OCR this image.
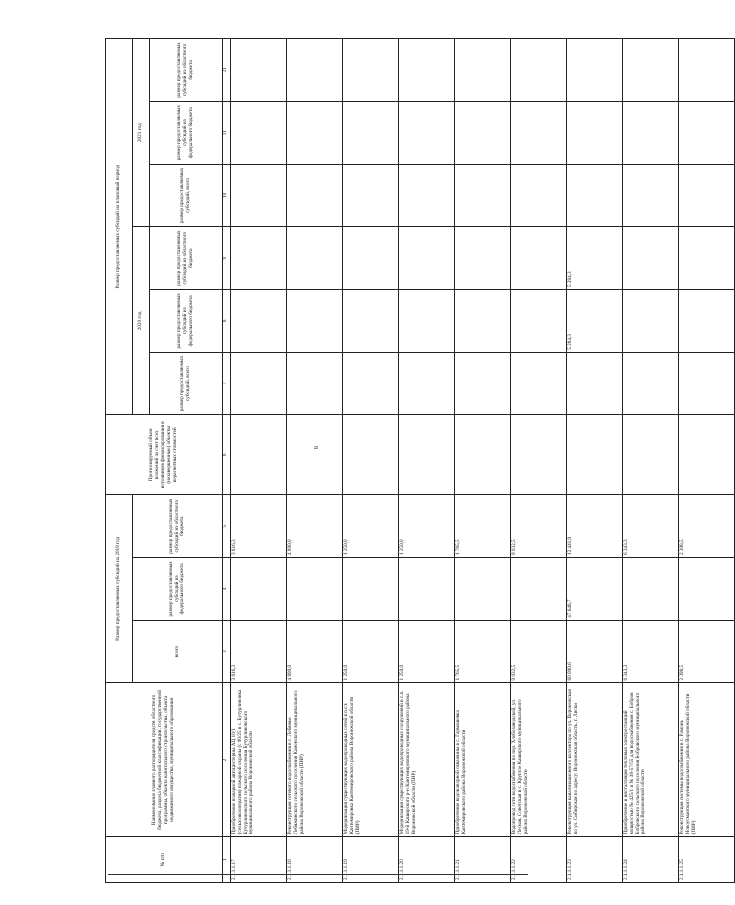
8
№ п/п	Наименование главного распорядителя средств областного бюджета, раздела бюджетной классификации, государственной программы, объекта капитального строительства, объекта недвижимого имущества, муниципального образования	Размер предоставляемых субсидий на 2019 год			Прогнозируемый объем вложений за счет всех источников финансирования в (незавершенные) объекты нерасчетных стоимостей	Размер предоставляемых субсидий на плановый период					
		всего	размер предоставляемых субсидий из федерального бюджета	размер предоставляемых субсидий из областного бюджета		2020 год			2021 год		
						размер предоставляемых субсидий, всего	размер предоставляемых субсидий из федерального бюджета	размер предоставляемых субсидий из областного бюджета	размер предоставляемых субсидий, всего	размер предоставляемых субсидий из федерального бюджета	размер предоставляемых субсидий из областного бюджета
1	2	3	4	5	6	7	8	9	10	11	21
2.1.1.1.17	Приобретение пожарной автоцистерны АЦ 10/1 (сельхозкооператив) пожарной охраны (с 90/25 в с. Бутурлиновка Бутурлиновского сельского поселения Бутурлиновского муниципального района Воронежской области	3 816,3		3 816,3							
2.1.1.1.18	Реконструкция сетевого водоснабжения в с. Лебяжье Лебяжинского сельского поселения Каменского муниципального района Воронежской области (ПИР)	4 890,0		4 890,0							
2.1.1.1.19	Модернизация существующих водопроводных сетей в п.г.т. Кантемировка Кантемировского района Воронежской области (ПИР)	1 250,0		1 250,0							
2.1.1.1.20	Модернизация существующих водопроводных сооружений в с.п. 19-й Каширского р-н Кантемировского муниципального района Воронежской области (ПИР)	1 250,0		1 250,0							
2.1.1.1.21	Приобретение водонапорной скважины в с. Гармашевка Кантемировского района Воронежской области	1 765,5		1 765,5							
2.1.1.1.22	Водопровод сети водоснабжения по пер. Хлебозаводской, ул. Лесная, Советская в с. Круглое Каширского муниципального района Воронежской области	9 032,5		9 032,5							
2.1.1.1.23	Реконструкция канализационного коллектора по ул. Воронежская по ул. Сибирская по адресу: Воронежская область, г. Лиски	60 090,6	47 648,7	12 441,9			5 284,3	5 284,3			
2.1.1.1.24	Приобретение и инсталляция тепловых электростанций мощностью № 425/1 и № 38-57/55 для водоснабжения с. Бобров Бобровского сельского поселения Бобровского муниципального района Воронежской области	6 343,3		6 343,3							
2.1.1.1.25	Реконструкция системы водоснабжения в с. Рамонь Новоусманского муниципального района Воронежской области (ПИР)	2 398,5		2 398,5							
